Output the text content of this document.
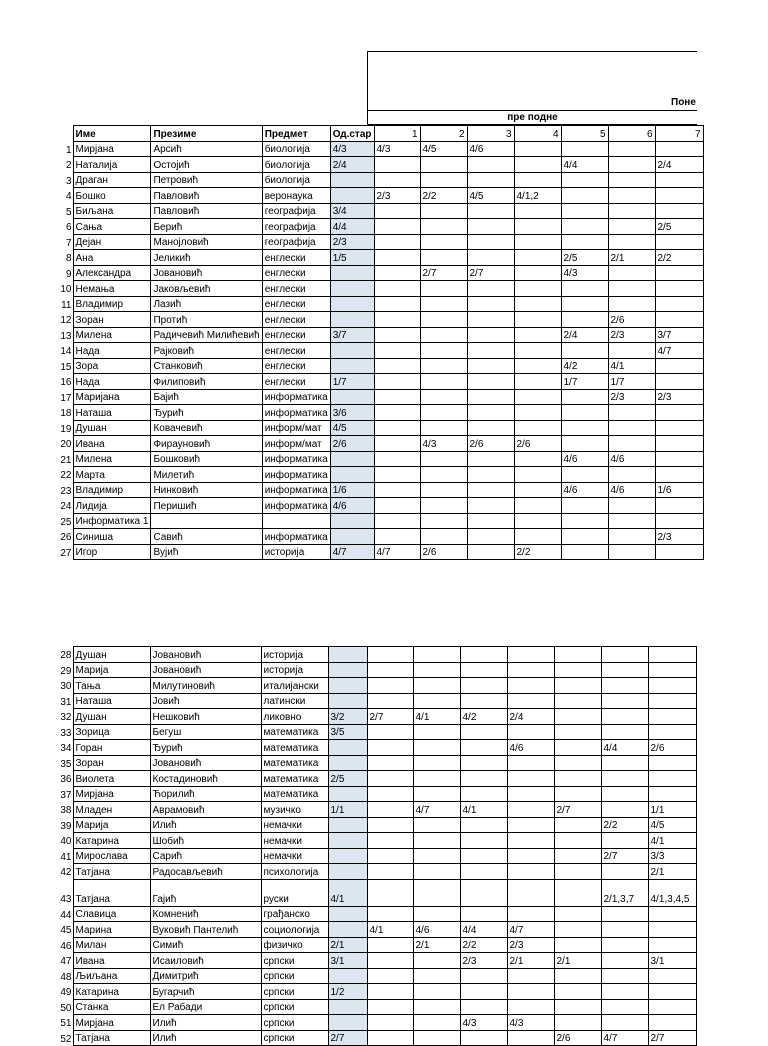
Поне
пре подне
	Име	Презиме	Предмет	Од.стар	1	2	3	4	5	6	7
1	Мирјана	Арсић	биологија	4/3	4/3	4/5	4/6				
2	Наталија	Остојић	биологија	2/4					4/4		2/4
3	Драган	Петровић	биологија								
4	Бошко	Павловић	веронаука		2/3	2/2	4/5	4/1,2			
5	Биљана	Павловић	географија	3/4							
6	Сања	Берић	географија	4/4							2/5
7	Дејан	Манојловић	географија	2/3							
8	Ана	Јеликић	енглески	1/5					2/5	2/1	2/2
9	Александра	Јовановић	енглески			2/7	2/7		4/3		
10	Немања	Јаковљевић	енглески								
11	Владимир	Лазић	енглески								
12	Зоран	Протић	енглески							2/6	
13	Милена	Радичевић Милићевић	енглески	3/7					2/4	2/3	3/7
14	Нада	Рајковић	енглески								4/7
15	Зора	Станковић	енглески						4/2	4/1	
16	Нада	Филиповић	енглески	1/7					1/7	1/7	
17	Маријана	Бајић	информатика							2/3	2/3
18	Наташа	Ђурић	информатика	3/6							
19	Душан	Ковачевић	информ/мат	4/5							
20	Ивана	Фирауновић	информ/мат	2/6		4/3	2/6	2/6			
21	Милена	Бошковић	информатика						4/6	4/6	
22	Марта	Милетић	информатика								
23	Владимир	Нинковић	информатика	1/6					4/6	4/6	1/6
24	Лидија	Перишић	информатика	4/6							
25	Информатика 1										
26	Синиша	Савић	информатика								2/3
27	Игор	Вујић	историја	4/7	4/7	2/6		2/2			
28	Душан	Јовановић	историја								
29	Марија	Јовановић	историја								
30	Тања	Милутиновић	италијански								
31	Наташа	Јовић	латински								
32	Душан	Нешковић	ликовно	3/2	2/7	4/1	4/2	2/4			
33	Зорица	Бегуш	математика	3/5							
34	Горан	Ђурић	математика					4/6		4/4	2/6
35	Зоран	Јовановић	математика								
36	Виолета	Костадиновић	математика	2/5							
37	Мирјана	Ћорилић	математика								
38	Младен	Аврамовић	музичко	1/1		4/7	4/1		2/7		1/1
39	Марија	Илић	немачки							2/2	4/5
40	Катарина	Шобић	немачки								4/1
41	Мирослава	Сарић	немачки							2/7	3/3
42	Татјана	Радосављевић	психологија								2/1
43	Татјана	Гајић	руски	4/1						2/1,3,7	4/1,3,4,5
44	Славица	Комненић	грађанско								
45	Марина	Вуковић Пантелић	социологија		4/1	4/6	4/4	4/7			
46	Милан	Симић	физичко	2/1		2/1	2/2	2/3			
47	Ивана	Исаиловић	српски	3/1			2/3	2/1	2/1		3/1
48	Љиљана	Димитрић	српски								
49	Катарина	Бугарчић	српски	1/2							
50	Станка	Ел Рабади	српски								
51	Мирјана	Илић	српски				4/3	4/3			
52	Татјана	Илић	српски	2/7					2/6	4/7	2/7
